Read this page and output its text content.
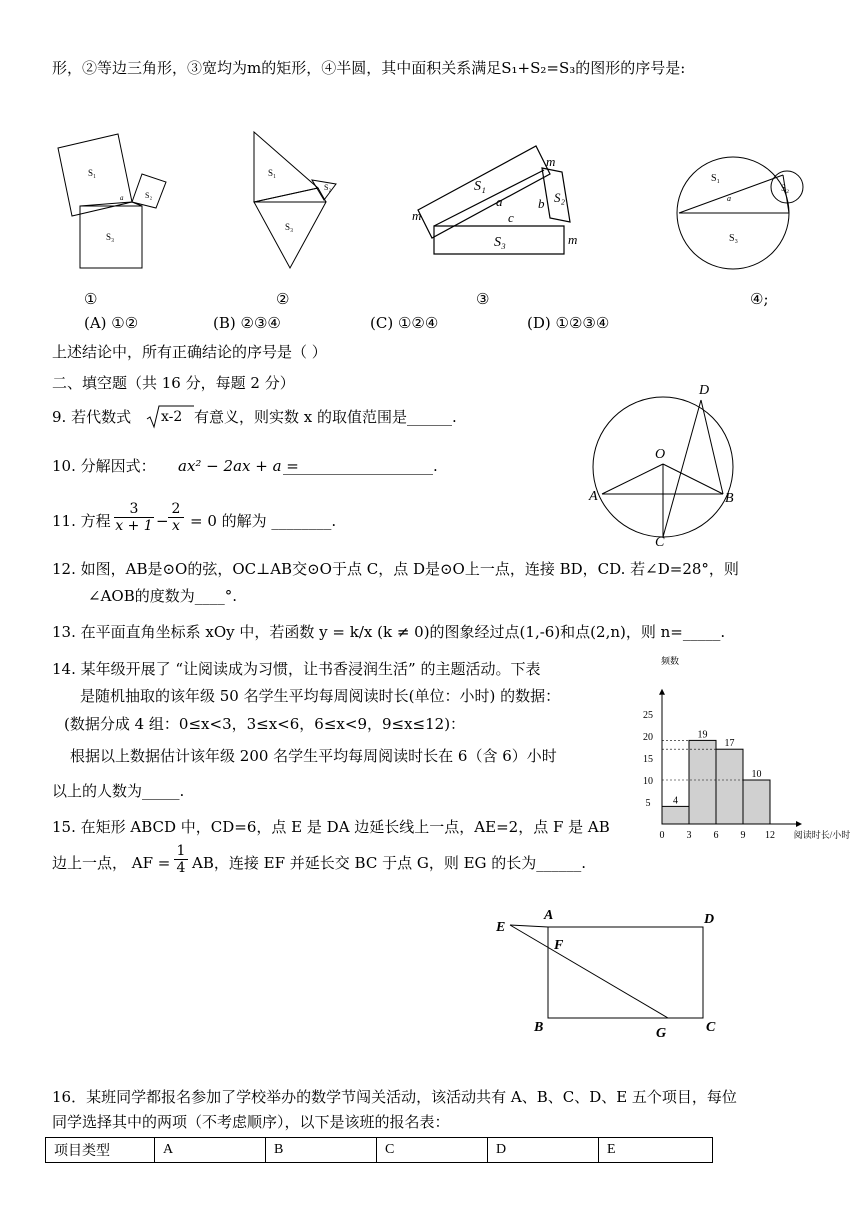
形，②等边三角形，③宽均为m的矩形，④半圆，其中面积关系满足S₁+S₂=S₃的图形的序号是:
S₁
S₂
S₃
a
S₁
S₂
S₃
S₁
S₂
S₃
a	b
c
m
m
m
S₁
S₂
S₃
a
①	②	③	④;
(A) ①②	(B) ②③④	(C) ①②④	(D) ①②③④
上述结论中，所有正确结论的序号是（ ）
二、填空题（共 16 分，每题 2 分）
9. 若代数式 x-2 有意义，则实数 x 的取值范围是______.
10. 分解因式： ax² − 2ax + a =
____________________.
11. 方程 $\frac{3}{x + 1} - \frac{2}{x} = 0$ 的解为 ________.
D
O
A	B
C
12. 如图，AB是⊙O的弦，OC⊥AB交⊙O于点 C，点 D是⊙O上一点，连接 BD，CD. 若∠D=28°，则
∠AOB的度数为____°.
13. 在平面直角坐标系 xOy 中，若函数 y = k/x (k ≠ 0)的图象经过点(1,-6)和点(2,n)，则 n=_____.
14. 某年级开展了 “让阅读成为习惯，让书香浸润生活” 的主题活动。下表
是随机抽取的该年级 50 名学生平均每周阅读时长(单位：小时) 的数据：
(数据分成 4 组：0≤x<3，3≤x<6，6≤x<9，9≤x≤12)：
根据以上数据估计该年级 200 名学生平均每周阅读时长在 6（含 6）小时
以上的人数为_____.
5
10
15
20
25
0 3 6 9 12
4
19
17
10
频数
阅读时长/小时
15. 在矩形 ABCD 中，CD=6，点 E 是 DA 边延长线上一点，AE=2，点 F 是 AB
边上一点， AF = $\frac{1}{4}$ AB，连接 EF 并延长交 BC 于点 G，则 EG 的长为______.
E
A	D
F
B	G	C
16．某班同学都报名参加了学校举办的数学节闯关活动，该活动共有 A、B、C、D、E 五个项目，每位
同学选择其中的两项（不考虑顺序），以下是该班的报名表：
项目类型	A	B	C	D	E
